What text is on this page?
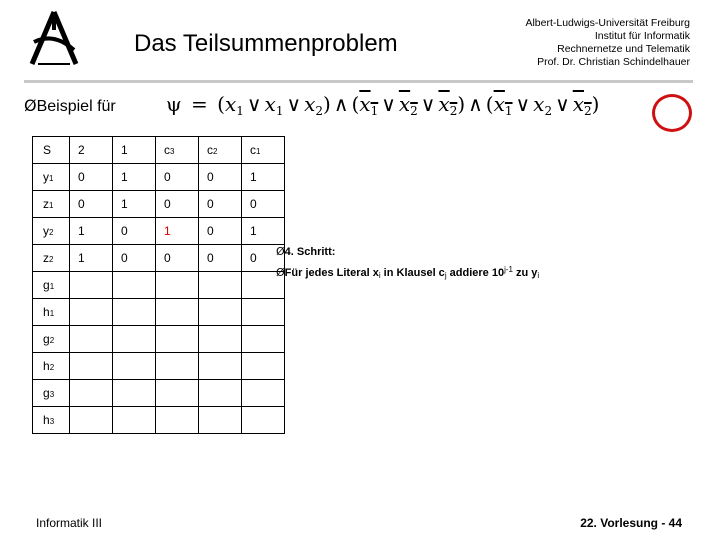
Das Teilsummenproblem
Albert-Ludwigs-Universität Freiburg
Institut für Informatik
Rechnernetze und Telematik
Prof. Dr. Christian Schindelhauer
ØBeispiel für	$\psi = (x_1$ ∨ $x_1$ ∨ $x_2$) ∧ ($x_1$ ∨ $x_2$ ∨ $x_2$) ∧ ($x_1$ ∨ $x_2$ ∨ $x_2$)
S	2	1	c3	c2	c1
y1	0	1	0	0	1
z1	0	1	0	0	0
y2	1	0	1	0	1
z2	1	0	0	0	0
g1					
h1					
g2					
h2					
g3					
h3					
Ø4. Schritt:
ØFür jedes Literal xi in Klausel cj addiere 10$^{j-1}$ zu yi
Informatik III	22. Vorlesung - 44
